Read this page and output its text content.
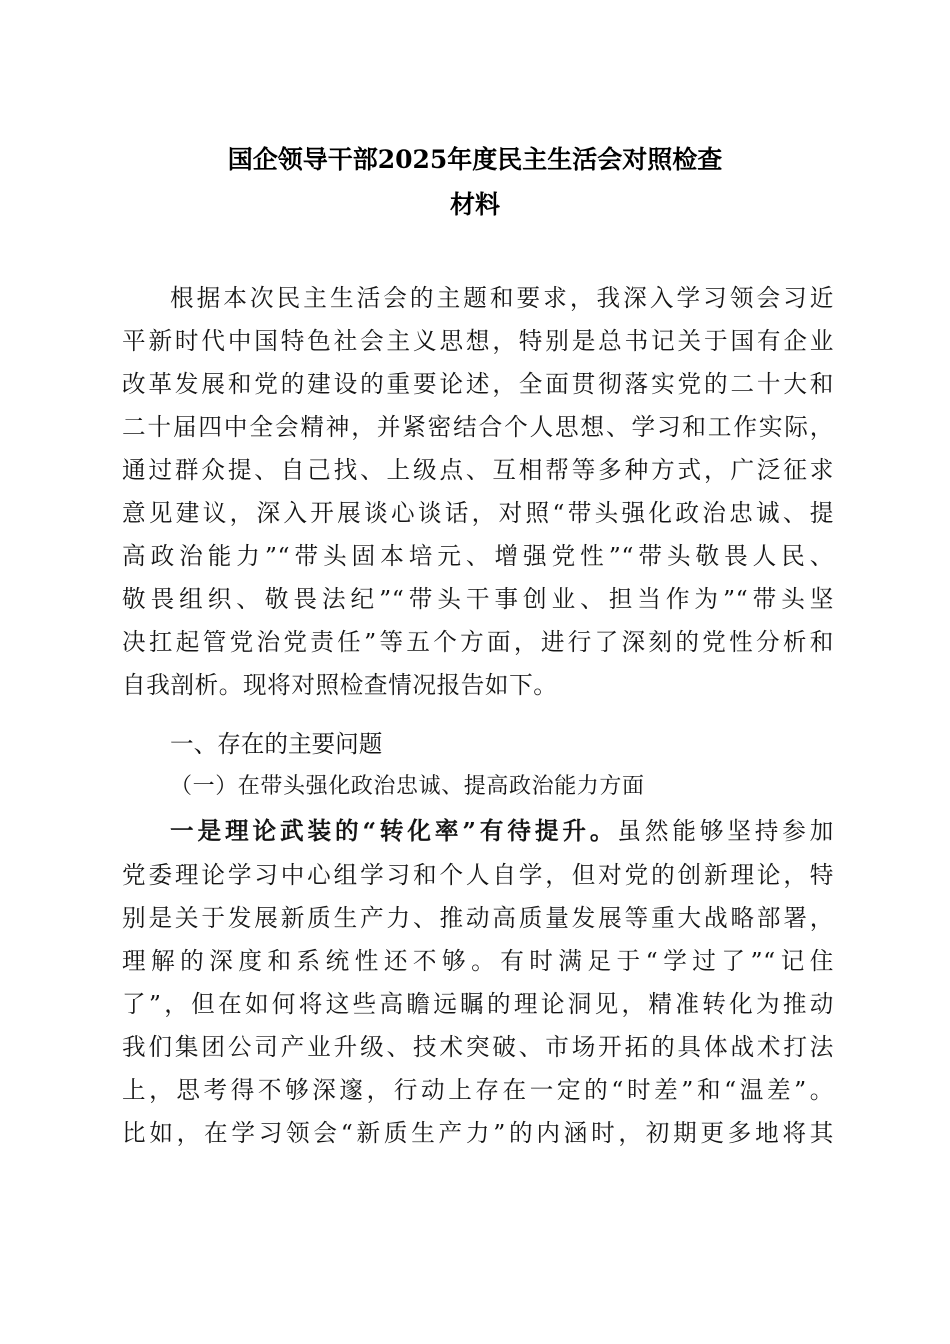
国企领导干部2025年度民主生活会对照检查
材料
根据本次民主生活会的主题和要求，我深入学习领会习近
平新时代中国特色社会主义思想，特别是总书记关于国有企业
改革发展和党的建设的重要论述，全面贯彻落实党的二十大和
二十届四中全会精神，并紧密结合个人思想、学习和工作实际，
通过群众提、自己找、上级点、互相帮等多种方式，广泛征求
意见建议，深入开展谈心谈话，对照“带头强化政治忠诚、提
高政治能力”“带头固本培元、增强党性”“带头敬畏人民、
敬畏组织、敬畏法纪”“带头干事创业、担当作为”“带头坚
决扛起管党治党责任”等五个方面，进行了深刻的党性分析和
自我剖析。现将对照检查情况报告如下。
一、存在的主要问题
（一）在带头强化政治忠诚、提高政治能力方面
一是理论武装的“转化率”有待提升。虽然能够坚持参加
党委理论学习中心组学习和个人自学，但对党的创新理论，特
别是关于发展新质生产力、推动高质量发展等重大战略部署，
理解的深度和系统性还不够。有时满足于“学过了”“记住
了”，但在如何将这些高瞻远瞩的理论洞见，精准转化为推动
我们集团公司产业升级、技术突破、市场开拓的具体战术打法
上，思考得不够深邃，行动上存在一定的“时差”和“温差”。
比如，在学习领会“新质生产力”的内涵时，初期更多地将其
